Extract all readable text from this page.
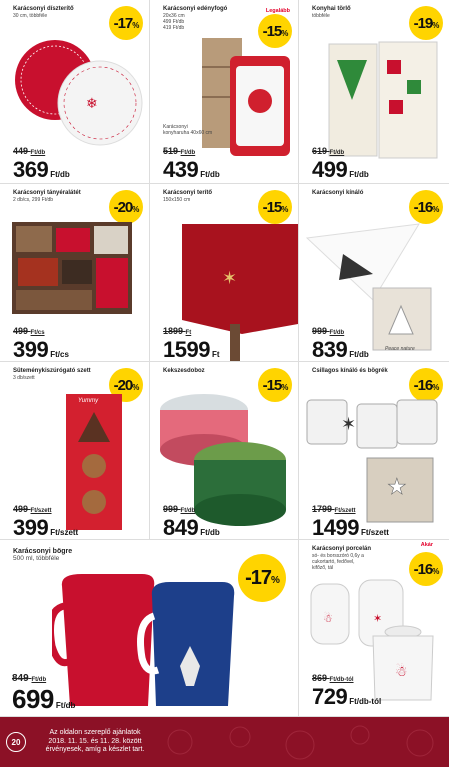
Karácsonyi díszterítő
30 cm, többféle	-17 %
❄
449 Ft/db
369 Ft/db
Karácsonyi edényfogó
20x36 cm
499 Ft/db
419 Ft/db
Legalább
-15 %
Karácsonyi konyharuha 40x60 cm
519 Ft/db
439 Ft/db
Konyhai törlő
többféle	-19 %
619 Ft/db
499 Ft/db
Karácsonyi tányéralátét
2 db/cs, 299 Ft/db	-20 %
499 Ft/cs
399 Ft/cs
Karácsonyi terítő
150x150 cm	-15 %
✶
1899 Ft
1599 Ft
Karácsonyi kínáló
-16 %
Peace nature
999 Ft/db
839 Ft/db
Süteménykiszúrógató szett
3 db/szett	-20 %
Yummy
499 Ft/szett
399 Ft/szett
Kekszesdoboz
-15 %
999 Ft/db
849 Ft/db
Csillagos kínáló és bögrék
-16 %
✶
★
1799 Ft/szett
1499 Ft/szett
Karácsonyi bögre
500 ml, többféle
-17 %
849 Ft/db
699 Ft/db
Karácsonyi porcelán
só- és borsszóró 0,6y a
cukortartó, fedővel,
kifőző, tál
Akár
-16 %
☃	✶
☃
869 Ft/db-tól
729 Ft/db-tól
20
Az oldalon szereplő ajánlatok 2018. 11. 15. és 11. 28. között érvényesek, amíg a készlet tart.
